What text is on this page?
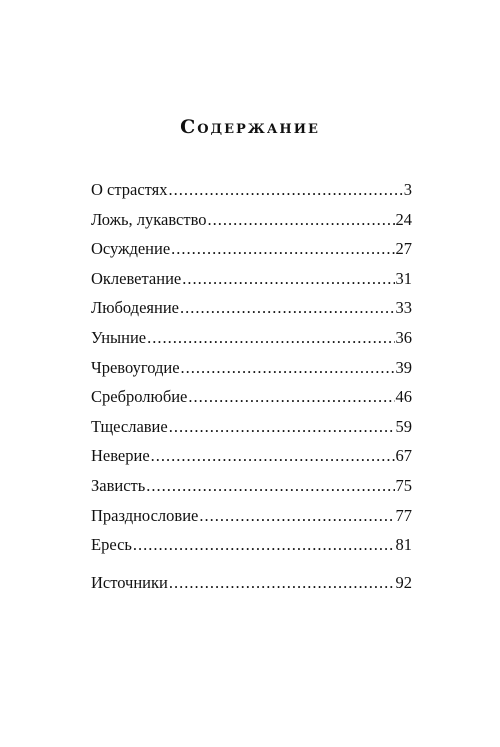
Содержание
О страстях .....	3
Ложь, лукавство .....	24
Осуждение .....	27
Оклеветание .....	31
Любодеяние .....	33
Уныние .....	36
Чревоугодие .....	39
Сребролюбие .....	46
Тщеславие .....	59
Неверие .....	67
Зависть .....	75
Празднословие .....	77
Ересь .....	81
Источники .....	92
